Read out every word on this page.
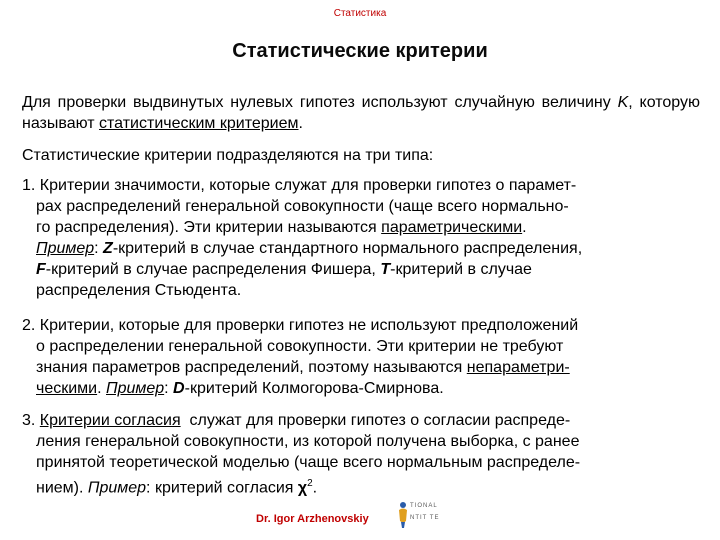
Статистика
Статистические критерии

Для проверки выдвинутых нулевых гипотез используют случайную величину K, которую называют статистическим критерием.

Статистические критерии подразделяются на три типа:

1. Критерии значимости, которые служат для проверки гипотез о парамет-
рах распределений генеральной совокупности (чаще всего нормально-
го распределения). Эти критерии называются параметрическими.
Пример: Z-критерий в случае стандартного нормального распределения,
F-критерий в случае распределения Фишера, T-критерий в случае
распределения Стьюдента.
2. Критерии, которые для проверки гипотез не используют предположений
о распределении генеральной совокупности. Эти критерии не требуют
знания параметров распределений, поэтому называются непараметри-
ческими. Пример: D-критерий Колмогорова-Смирнова.
3. Критерии согласия  служат для проверки гипотез о согласии распреде-
ления генеральной совокупности, из которой получена выборка, с ранее
принятой теоретической моделью (чаще всего нормальным распределе-
нием). Пример: критерий согласия $\chi^2$.
Dr. Igor Arzhenovskiy
TIONAL
NTIT TE
